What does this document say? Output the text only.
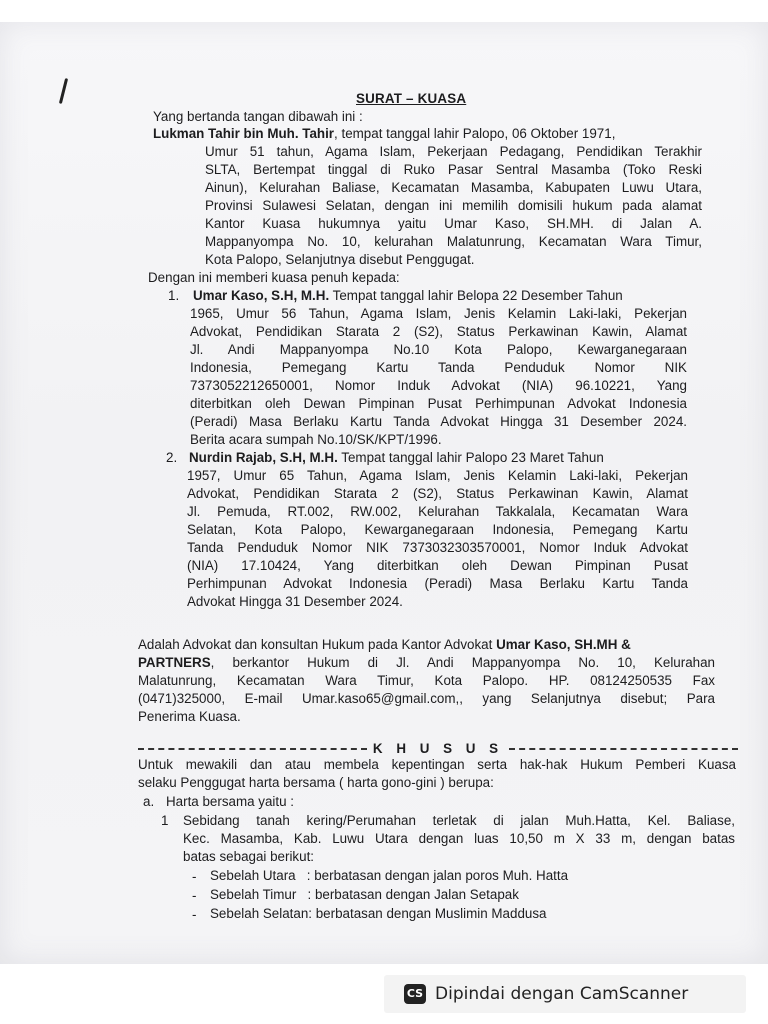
SURAT – KUASA
Yang bertanda tangan dibawah ini :
Lukman Tahir bin Muh. Tahir, tempat tanggal lahir Palopo, 06 Oktober 1971,
Umur 51 tahun, Agama Islam, Pekerjaan Pedagang, Pendidikan Terakhir
SLTA, Bertempat tinggal di Ruko Pasar Sentral Masamba (Toko Reski
Ainun), Kelurahan Baliase, Kecamatan Masamba, Kabupaten Luwu Utara,
Provinsi Sulawesi Selatan, dengan ini memilih domisili hukum pada alamat
Kantor Kuasa hukumnya yaitu Umar Kaso, SH.MH. di Jalan A.
Mappanyompa No. 10, kelurahan Malatunrung, Kecamatan Wara Timur,
Kota Palopo, Selanjutnya disebut Penggugat.
Dengan ini memberi kuasa penuh kepada:
1. Umar Kaso, S.H, M.H. Tempat tanggal lahir Belopa 22 Desember Tahun
1965, Umur 56 Tahun, Agama Islam, Jenis Kelamin Laki-laki, Pekerjan
Advokat, Pendidikan Starata 2 (S2), Status Perkawinan Kawin, Alamat
Jl. Andi Mappanyompa No.10 Kota Palopo, Kewarganegaraan
Indonesia, Pemegang Kartu Tanda Penduduk Nomor NIK
7373052212650001, Nomor Induk Advokat (NIA) 96.10221, Yang
diterbitkan oleh Dewan Pimpinan Pusat Perhimpunan Advokat Indonesia
(Peradi) Masa Berlaku Kartu Tanda Advokat Hingga 31 Desember 2024.
Berita acara sumpah No.10/SK/KPT/1996.
2. Nurdin Rajab, S.H, M.H. Tempat tanggal lahir Palopo 23 Maret Tahun
1957, Umur 65 Tahun, Agama Islam, Jenis Kelamin Laki-laki, Pekerjan
Advokat, Pendidikan Starata 2 (S2), Status Perkawinan Kawin, Alamat
Jl. Pemuda, RT.002, RW.002, Kelurahan Takkalala, Kecamatan Wara
Selatan, Kota Palopo, Kewarganegaraan Indonesia, Pemegang Kartu
Tanda Penduduk Nomor NIK 7373032303570001, Nomor Induk Advokat
(NIA) 17.10424, Yang diterbitkan oleh Dewan Pimpinan Pusat
Perhimpunan Advokat Indonesia (Peradi) Masa Berlaku Kartu Tanda
Advokat Hingga 31 Desember 2024.
Adalah Advokat dan konsultan Hukum pada Kantor Advokat Umar Kaso, SH.MH &
PARTNERS , berkantor Hukum di Jl. Andi Mappanyompa No. 10, Kelurahan
Malatunrung, Kecamatan Wara Timur, Kota Palopo. HP. 08124250535 Fax
(0471)325000, E-mail Umar.kaso65@gmail.com,, yang Selanjutnya disebut; Para
Penerima Kuasa.
K H U S U S
Untuk mewakili dan atau membela kepentingan serta hak-hak Hukum Pemberi Kuasa
selaku Penggugat harta bersama ( harta gono-gini ) berupa:
a. Harta bersama yaitu :
1 Sebidang tanah kering/Perumahan terletak di jalan Muh.Hatta, Kel. Baliase,
Kec. Masamba, Kab. Luwu Utara dengan luas 10,50 m X 33 m, dengan batas
batas sebagai berikut:
- Sebelah Utara   : berbatasan dengan jalan poros Muh. Hatta
- Sebelah Timur   : berbatasan dengan Jalan Setapak
- Sebelah Selatan: berbatasan dengan Muslimin Maddusa
CS Dipindai dengan CamScanner
